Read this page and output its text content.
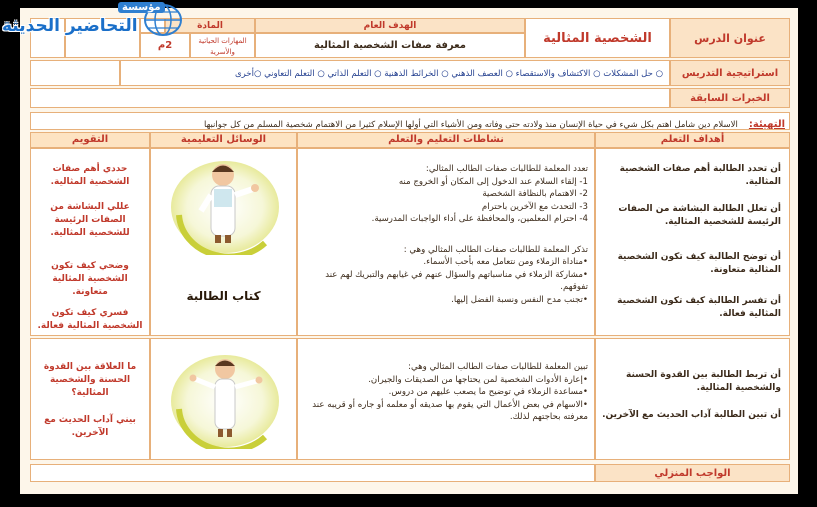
عنوان الدرس
الشخصية المثالية
الهدف العام
معرفة صفات الشخصية المثالية
المادة
المهارات الحياتية والأسرية
2م
استراتيجية التدريس
○ حل المشكلات ○ الاكتشاف والاستقصاء ○ العصف الذهني ○ الخرائط الذهنية ○ التعلم الذاتي ○ التعلم التعاوني ○أخرى
الخبرات السابقة
التهيئة: الاسلام دين شامل اهتم بكل شيء في حياة الإنسان منذ ولادته حتى وفاته ومن الأشياء التي أولها الإسلام كثيرا من الاهتمام شخصية المسلم من كل جوانبها
أهداف التعلم
نشاطات التعليم والتعلم
الوسائل التعليمية
التقويم

أن تحدد الطالبة أهم صفات الشخصية المثالية.

أن تعلل الطالبة البشاشة من الصفات الرئيسة للشخصية المثالية.

أن توضح الطالبة كيف تكون الشخصية المثالية متعاونة.

أن تفسر الطالبة كيف تكون الشخصية المثالية فعالة.

تعدد المعلمة للطالبات صفات الطالب المثالي:

1- إلقاء السلام عند الدخول إلى المكان أو الخروج منه

2- الاهتمام بالنظافة الشخصية

3- التحدث مع الآخرين باحترام

4- احترام المعلمين، والمحافظة على أداء الواجبات المدرسية.

تذكر المعلمة للطالبات صفات الطالب المثالي وهي :

•مناداة الزملاء ومن نتعامل معه بأحب الأسماء.

•مشاركة الزملاء في مناسباتهم والسؤال عنهم في غيابهم والتبريك لهم عند تفوقهم.

•تجنب مدح النفس ونسبة الفضل إليها.

كتاب الطالبة

حددي أهم صفات الشخصية المثالية.

عللي البشاشة من الصفات الرئيسة للشخصية المثالية.

وضحي كيف تكون الشخصية المثالية متعاونة.

فسري كيف تكون الشخصية المثالية فعالة.

أن تربط الطالبة بين القدوة الحسنة والشخصية المثالية.

أن تبين الطالبة آداب الحديث مع الآخرين.

تبين المعلمة للطالبات صفات الطالب المثالي وهي:

•إعارة الأدوات الشخصية لمن يحتاجها من الصديقات والجيران.

•مساعدة الزملاء في توضيح ما يصعب عليهم من دروس.

•الاسهام في بعض الأعمال التي يقوم بها صديقه أو معلمه أو جاره أو قريبه عند معرفته بحاجتهم لذلك.

ما العلاقة بين القدوة الحسنة والشخصية المثالية؟

بيني آداب الحديث مع الآخرين.

الواجب المنزلي
مؤسسة
التحاضير الحديثة
